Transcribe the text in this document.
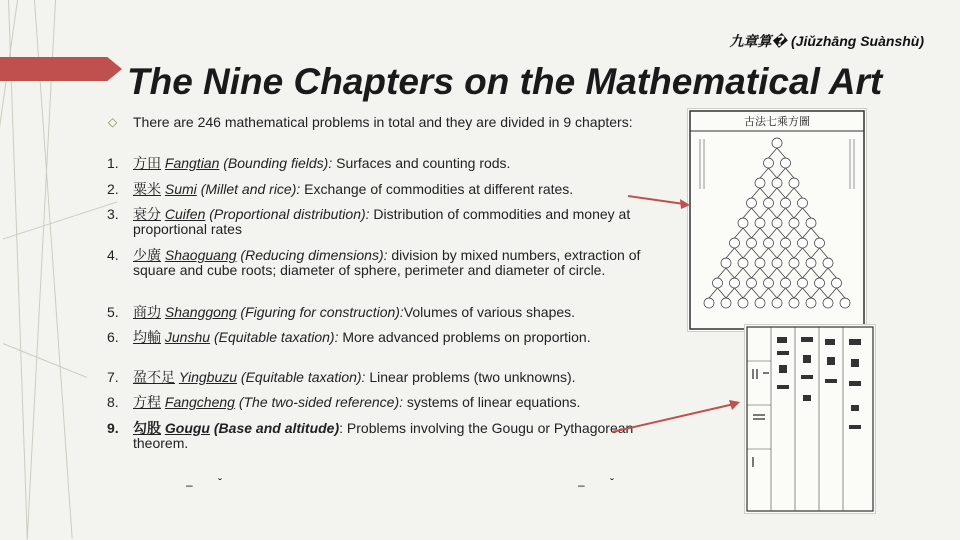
九章算� (Jiǔzhāng Suànshù)
The Nine Chapters on the Mathematical Art
◇ There are 246 mathematical problems in total and they are divided in 9 chapters:
1.	方田 Fangtian (Bounding fields): Surfaces and counting rods.
2.	粟米 Sumi (Millet and rice): Exchange of commodities at different rates.
3.	衰分 Cuifen (Proportional distribution): Distribution of commodities and money at proportional rates
4.	少廣 Shaoguang (Reducing dimensions): division by mixed numbers, extraction of square and cube roots; diameter of sphere, perimeter and diameter of circle.
5.	商功 Shanggong (Figuring for construction):Volumes of various shapes.
6.	均輸 Junshu (Equitable taxation): More advanced problems on proportion.
7.	盈不足 Yingbuzu (Equitable taxation): Linear problems (two unknowns).
8.	方程 Fangcheng (The two-sided reference): systems of linear equations.
9.	勾股 Gougu (Base and altitude): Problems involving the Gougu or Pythagorean theorem.
– ˇ	– ˇ
古法七乘方圖
